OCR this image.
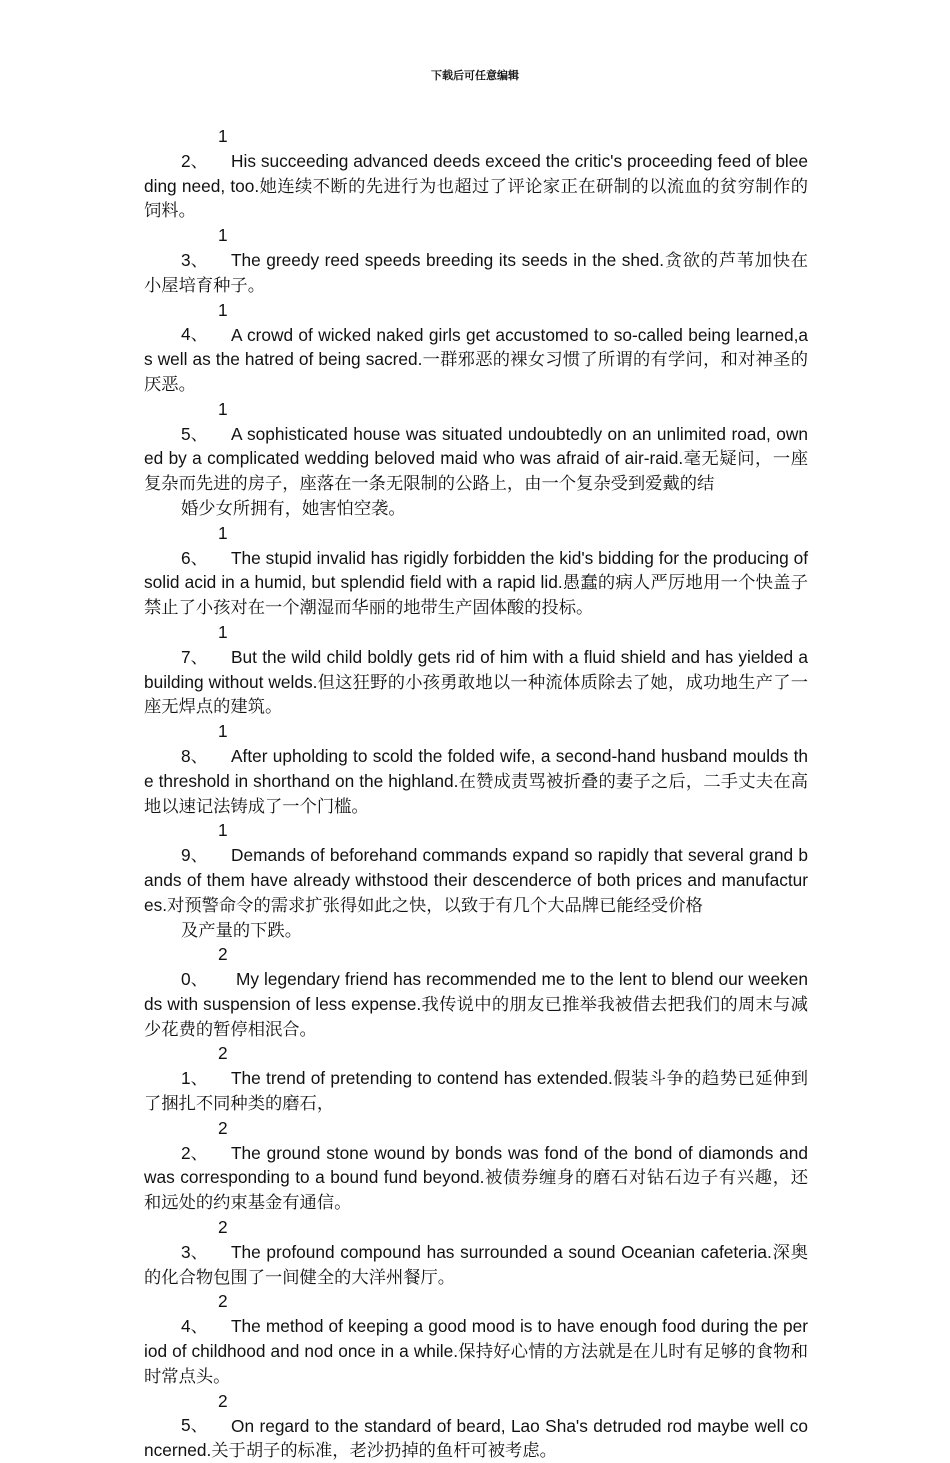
下载后可任意编辑

12、 His succeeding advanced deeds exceed the critic's proceeding feed of bleeding need, too.她连续不断的先进行为也超过了评论家正在研制的以流血的贫穷制作的饲料。

13、 The greedy reed speeds breeding its seeds in the shed.贪欲的芦苇加快在小屋培育种子。

14、 A crowd of wicked naked girls get accustomed to so-called being learned,as well as the hatred of being sacred.一群邪恶的裸女习惯了所谓的有学问，和对神圣的厌恶。

15、 A sophisticated house was situated undoubtedly on an unlimited road, owned by a complicated wedding beloved maid who was afraid of air-raid.毫无疑问，一座复杂而先进的房子，座落在一条无限制的公路上，由一个复杂受到爱戴的结

婚少女所拥有，她害怕空袭。

16、 The stupid invalid has rigidly forbidden the kid's bidding for the producing of solid acid in a humid, but splendid field with a rapid lid.愚蠢的病人严厉地用一个快盖子禁止了小孩对在一个潮湿而华丽的地带生产固体酸的投标。

17、 But the wild child boldly gets rid of him with a fluid shield and has yielded a building without welds.但这狂野的小孩勇敢地以一种流体质除去了她，成功地生产了一座无焊点的建筑。

18、 After upholding to scold the folded wife, a second-hand husband moulds the threshold in shorthand on the highland.在赞成责骂被折叠的妻子之后，二手丈夫在高地以速记法铸成了一个门槛。

19、 Demands of beforehand commands expand so rapidly that several grand bands of them have already withstood their descenderce of both prices and manufactures.对预警命令的需求扩张得如此之快，以致于有几个大品牌已能经受价格

及产量的下跌。

20、 My legendary friend has recommended me to the lent to blend our weekends with suspension of less expense.我传说中的朋友已推举我被借去把我们的周末与减少花费的暂停相泯合。

21、 The trend of pretending to contend has extended.假装斗争的趋势已延伸到了捆扎不同种类的磨石，

22、 The ground stone wound by bonds was fond of the bond of diamonds and was corresponding to a bound fund beyond.被债券缠身的磨石对钻石边子有兴趣，还和远处的约束基金有通信。

23、 The profound compound has surrounded a sound Oceanian cafeteria.深奥的化合物包围了一间健全的大洋州餐厅。

24、 The method of keeping a good mood is to have enough food during the period of childhood and nod once in a while.保持好心情的方法就是在儿时有足够的食物和时常点头。

25、 On regard to the standard of beard, Lao Sha's detruded rod maybe well concerned.关于胡子的标准，老沙扔掉的鱼杆可被考虑。
